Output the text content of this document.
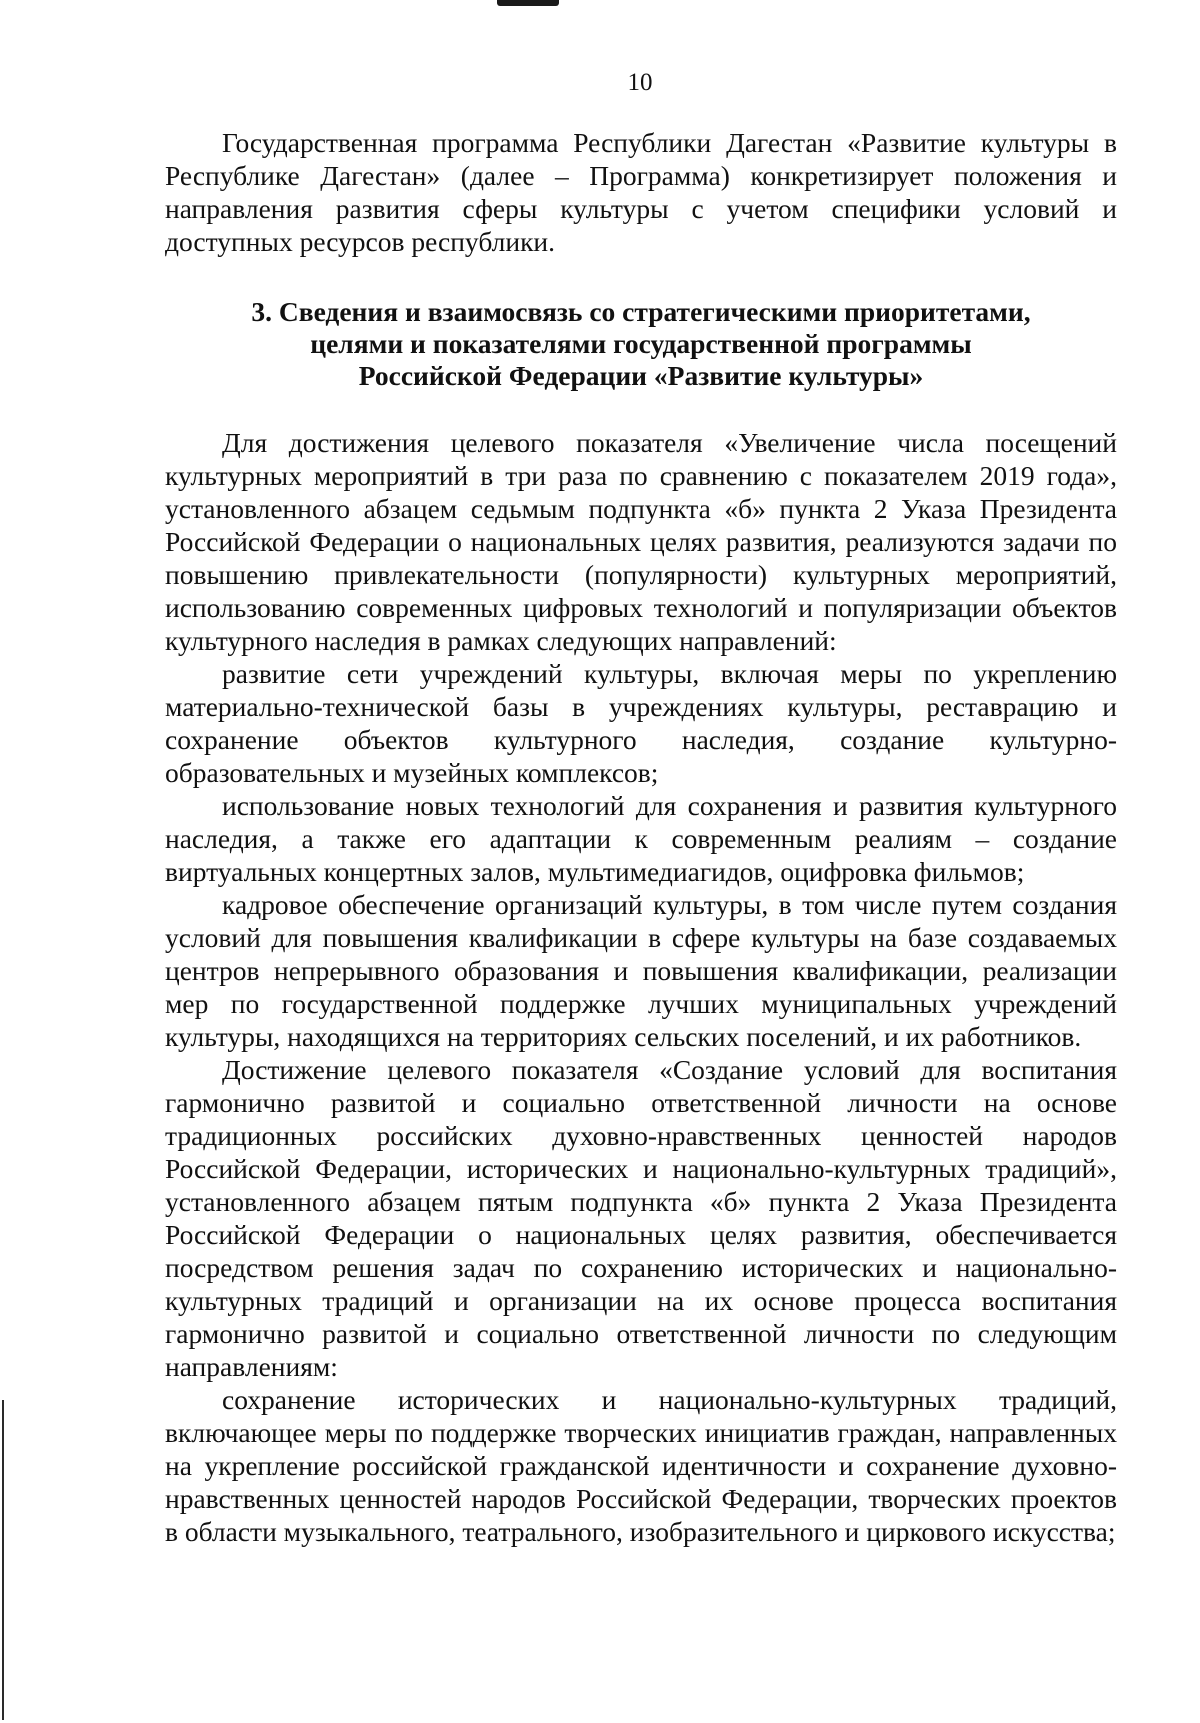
10

Государственная программа Республики Дагестан «Развитие культуры в Республике Дагестан» (далее – Программа) конкретизирует положения и направления развития сферы культуры с учетом специфики условий и доступных ресурсов республики.

3. Сведения и взаимосвязь со стратегическими приоритетами,
целями и показателями государственной программы
Российской Федерации «Развитие культуры»

Для достижения целевого показателя «Увеличение числа посещений культурных мероприятий в три раза по сравнению с показателем 2019 года», установленного абзацем седьмым подпункта «б» пункта 2 Указа Президента Российской Федерации о национальных целях развития, реализуются задачи по повышению привлекательности (популярности) культурных мероприятий, использованию современных цифровых технологий и популяризации объектов культурного наследия в рамках следующих направлений:

развитие сети учреждений культуры, включая меры по укреплению материально-технической базы в учреждениях культуры, реставрацию и сохранение объектов культурного наследия, создание культурно-образовательных и музейных комплексов;

использование новых технологий для сохранения и развития культурного наследия, а также его адаптации к современным реалиям – создание виртуальных концертных залов, мультимедиагидов, оцифровка фильмов;

кадровое обеспечение организаций культуры, в том числе путем создания условий для повышения квалификации в сфере культуры на базе создаваемых центров непрерывного образования и повышения квалификации, реализации мер по государственной поддержке лучших муниципальных учреждений культуры, находящихся на территориях сельских поселений, и их работников.

Достижение целевого показателя «Создание условий для воспитания гармонично развитой и социально ответственной личности на основе традиционных российских духовно-нравственных ценностей народов Российской Федерации, исторических и национально-культурных традиций», установленного абзацем пятым подпункта «б» пункта 2 Указа Президента Российской Федерации о национальных целях развития, обеспечивается посредством решения задач по сохранению исторических и национально-культурных традиций и организации на их основе процесса воспитания гармонично развитой и социально ответственной личности по следующим направлениям:

сохранение исторических и национально-культурных традиций, включающее меры по поддержке творческих инициатив граждан, направленных на укрепление российской гражданской идентичности и сохранение духовно-нравственных ценностей народов Российской Федерации, творческих проектов в области музыкального, театрального, изобразительного и циркового искусства;
